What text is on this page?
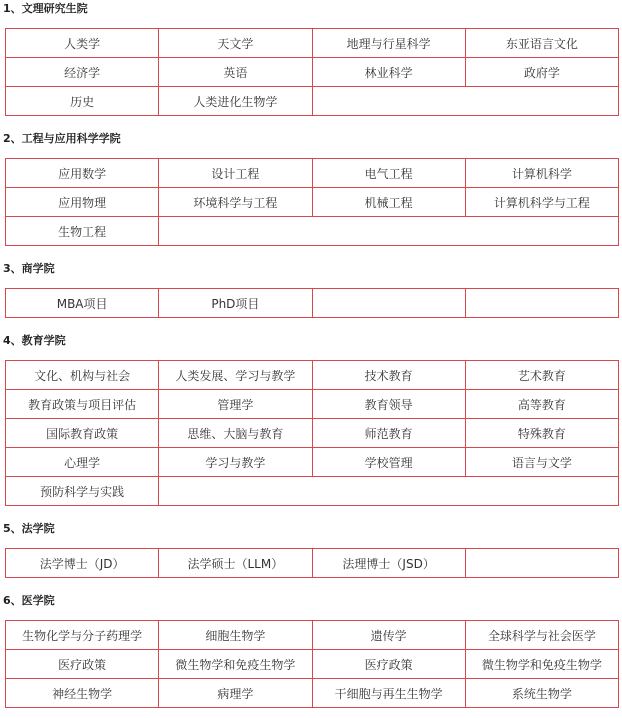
1、文理研究生院
人类学	天文学	地理与行星科学	东亚语言文化
经济学	英语	林业科学	政府学
历史	人类进化生物学		
2、工程与应用科学学院
应用数学	设计工程	电气工程	计算机科学
应用物理	环境科学与工程	机械工程	计算机科学与工程
生物工程			
3、商学院
MBA项目	PhD项目		
4、教育学院
文化、机构与社会	人类发展、学习与教学	技术教育	艺术教育
教育政策与项目评估	管理学	教育领导	高等教育
国际教育政策	思维、大脑与教育	师范教育	特殊教育
心理学	学习与教学	学校管理	语言与文学
预防科学与实践			
5、法学院
法学博士（JD）	法学硕士（LLM）	法理博士（JSD）	
6、医学院
生物化学与分子药理学	细胞生物学	遗传学	全球科学与社会医学
医疗政策	微生物学和免疫生物学	医疗政策	微生物学和免疫生物学
神经生物学	病理学	干细胞与再生生物学	系统生物学
